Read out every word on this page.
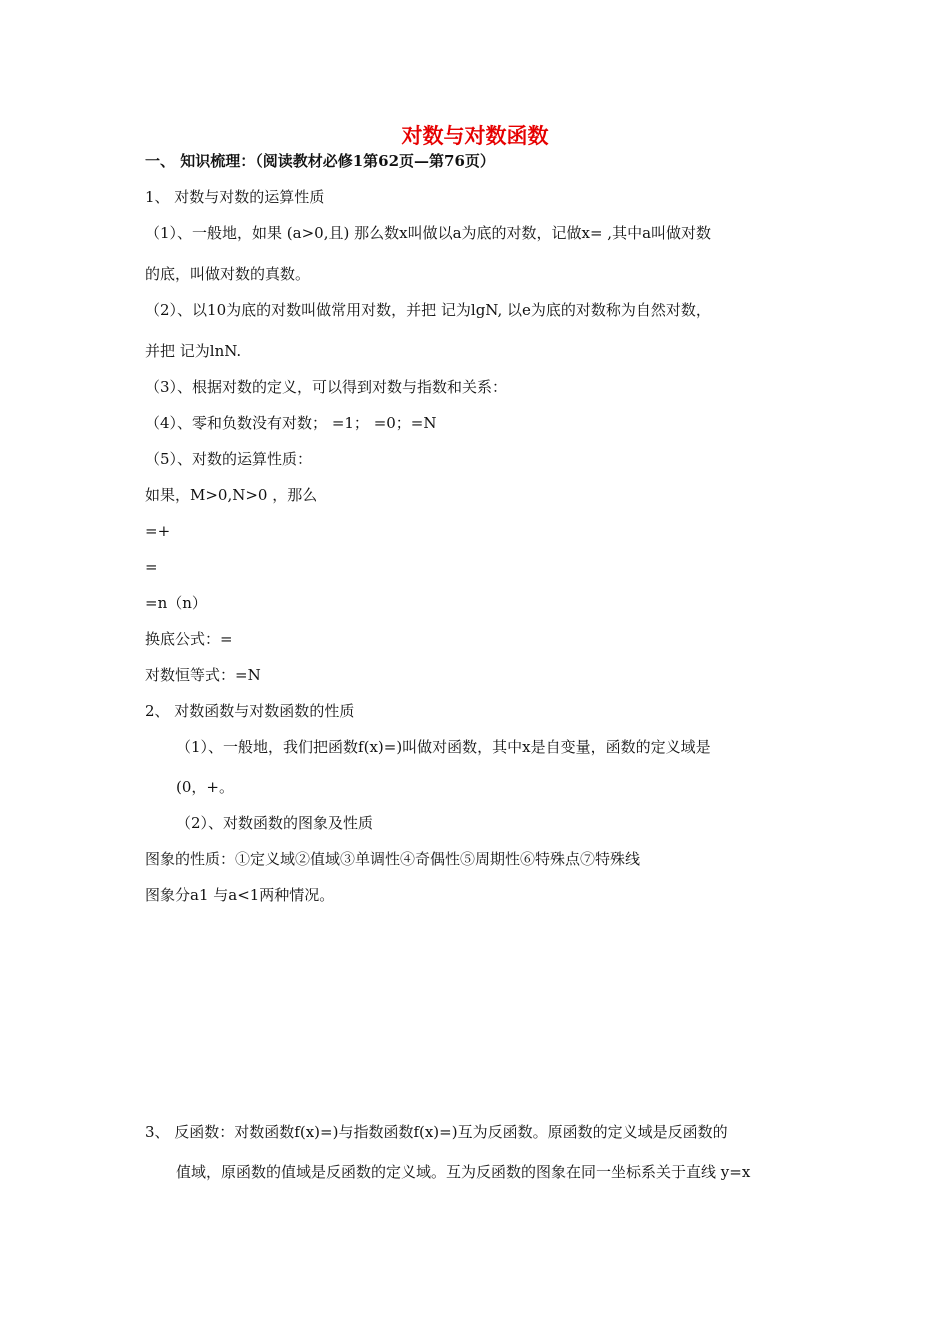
对数与对数函数
一、 知识梳理：（阅读教材必修1第62页—第76页）
1、 对数与对数的运算性质
（1）、一般地，如果 (a>0,且) 那么数x叫做以a为底的对数，记做x= ,其中a叫做对数
的底，叫做对数的真数。
（2）、以10为底的对数叫做常用对数，并把 记为lgN, 以e为底的对数称为自然对数，
并把 记为lnN.
（3）、根据对数的定义，可以得到对数与指数和关系：
（4）、零和负数没有对数； =1； =0；=N
（5）、对数的运算性质：
如果，M>0,N>0 ，那么
=+
=
=n（n）
换底公式：=
对数恒等式：=N
2、 对数函数与对数函数的性质
（1）、一般地，我们把函数f(x)=)叫做对函数，其中x是自变量，函数的定义域是
(0，+。
（2）、对数函数的图象及性质
图象的性质：①定义域②值域③单调性④奇偶性⑤周期性⑥特殊点⑦特殊线
图象分a1 与a<1两种情况。
3、 反函数：对数函数f(x)=)与指数函数f(x)=)互为反函数。原函数的定义域是反函数的
值域，原函数的值域是反函数的定义域。互为反函数的图象在同一坐标系关于直线 y=x
